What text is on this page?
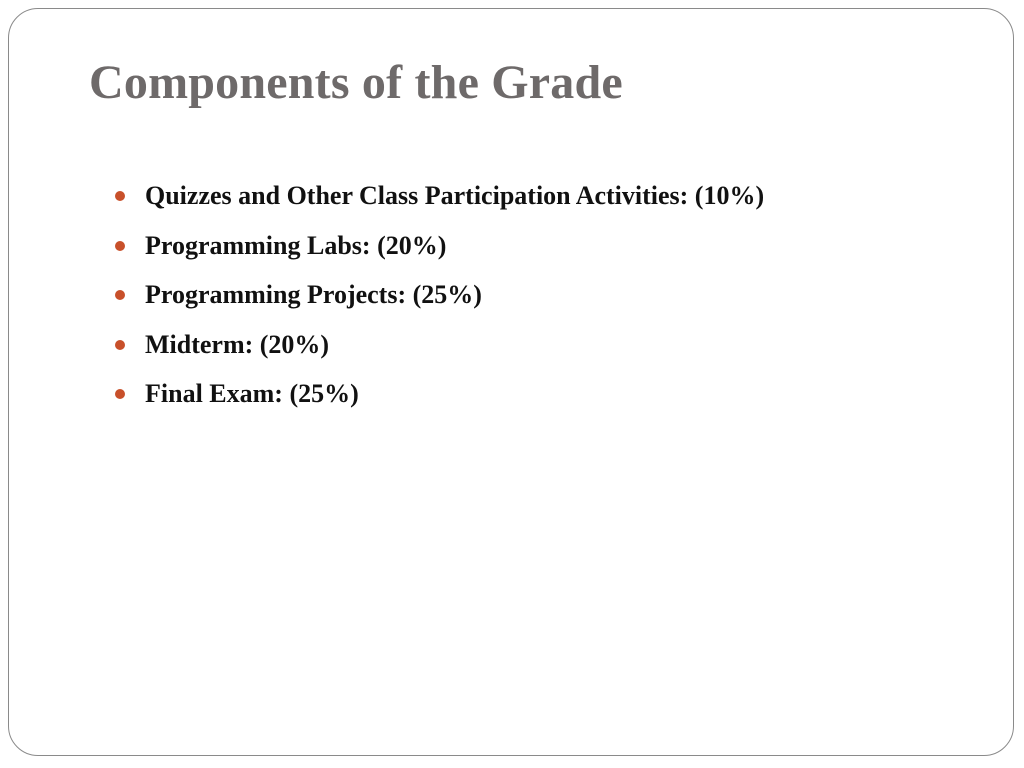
Components of the Grade
Quizzes and Other Class Participation Activities: (10%)
Programming Labs: (20%)
Programming Projects: (25%)
Midterm: (20%)
Final Exam: (25%)
